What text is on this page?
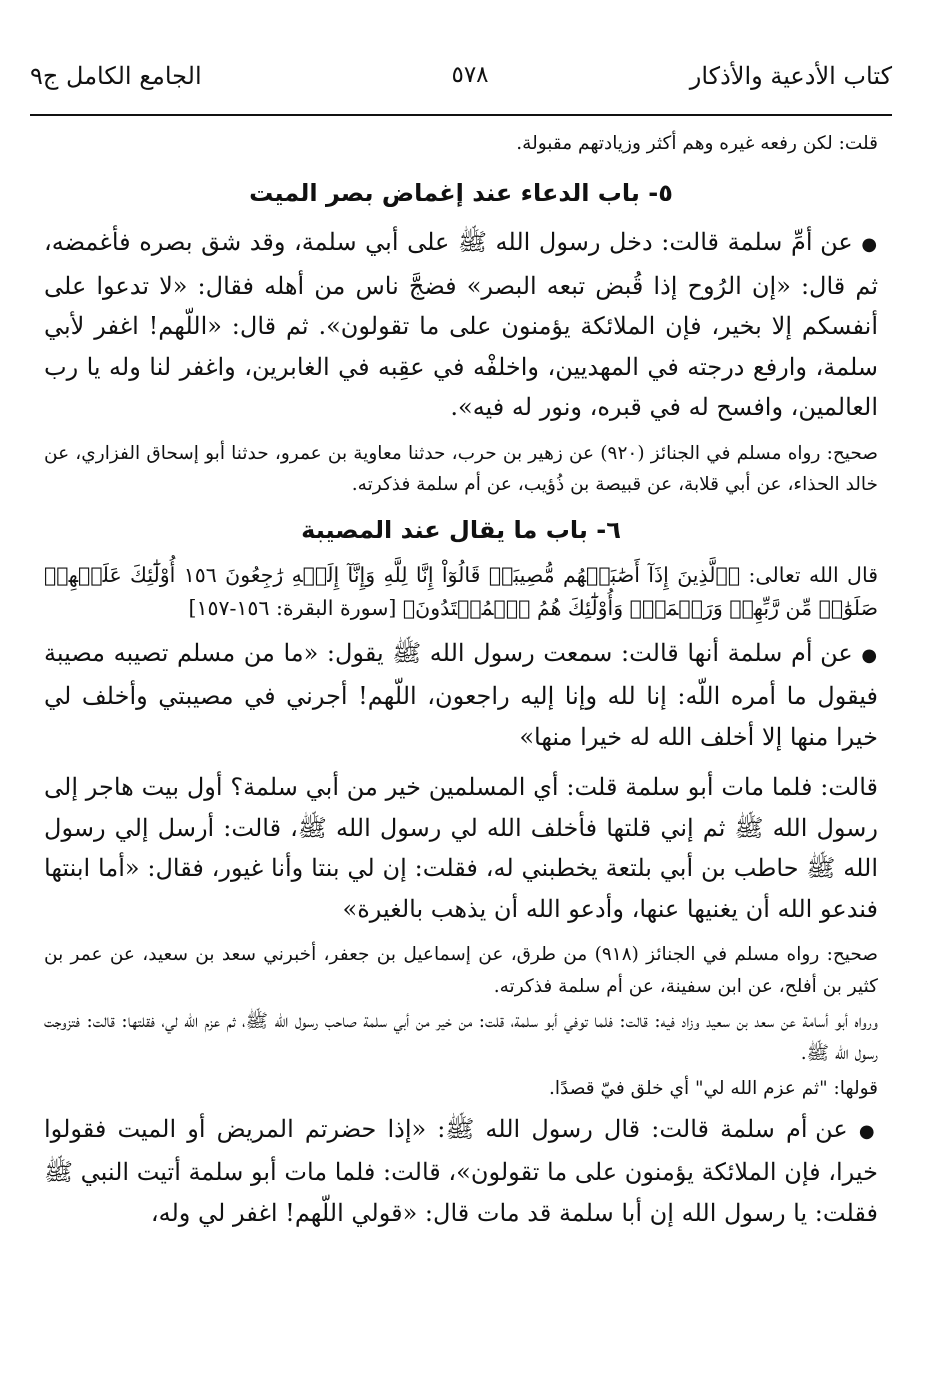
كتاب الأدعية والأذكار
٥٧٨
الجامع الكامل ج٩

قلت: لكن رفعه غيره وهم أكثر وزيادتهم مقبولة.

٥- باب الدعاء عند إغماض بصر الميت

● عن أمِّ سلمة قالت: دخل رسول الله ﷺ على أبي سلمة، وقد شق بصره فأغمضه، ثم قال: «إن الرُوح إذا قُبض تبعه البصر» فضجَّ ناس من أهله فقال: «لا تدعوا على أنفسكم إلا بخير، فإن الملائكة يؤمنون على ما تقولون». ثم قال: «اللّهم! اغفر لأبي سلمة، وارفع درجته في المهديين، واخلفْه في عقِبه في الغابرين، واغفر لنا وله يا رب العالمين، وافسح له في قبره، ونور له فيه».

صحيح: رواه مسلم في الجنائز (٩٢٠) عن زهير بن حرب، حدثنا معاوية بن عمرو، حدثنا أبو إسحاق الفزاري، عن خالد الحذاء، عن أبي قلابة، عن قبيصة بن ذُؤيب، عن أم سلمة فذكرته.

٦- باب ما يقال عند المصيبة

قال الله تعالى: ﴿ٱلَّذِينَ إِذَآ أَصَٰبَتۡهُم مُّصِيبَةٞ قَالُوٓاْ إِنَّا لِلَّهِ وَإِنَّآ إِلَيۡهِ رَٰجِعُونَ ١٥٦ أُوْلَٰٓئِكَ عَلَيۡهِمۡ صَلَوَٰتٞ مِّن رَّبِّهِمۡ وَرَحۡمَةٞۖ وَأُوْلَٰٓئِكَ هُمُ ٱلۡمُهۡتَدُونَ﴾ [سورة البقرة: ١٥٦-١٥٧]

● عن أم سلمة أنها قالت: سمعت رسول الله ﷺ يقول: «ما من مسلم تصيبه مصيبة فيقول ما أمره اللّه: إنا لله وإنا إليه راجعون، اللّهم! أجرني في مصيبتي وأخلف لي خيرا منها إلا أخلف الله له خيرا منها»

قالت: فلما مات أبو سلمة قلت: أي المسلمين خير من أبي سلمة؟ أول بيت هاجر إلى رسول الله ﷺ ثم إني قلتها فأخلف الله لي رسول الله ﷺ، قالت: أرسل إلي رسول الله ﷺ حاطب بن أبي بلتعة يخطبني له، فقلت: إن لي بنتا وأنا غيور، فقال: «أما ابنتها فندعو الله أن يغنيها عنها، وأدعو الله أن يذهب بالغيرة»

صحيح: رواه مسلم في الجنائز (٩١٨) من طرق، عن إسماعيل بن جعفر، أخبرني سعد بن سعيد، عن عمر بن كثير بن أفلح، عن ابن سفينة، عن أم سلمة فذكرته.

ورواه أبو أسامة عن سعد بن سعيد وزاد فيه: قالت: فلما توفي أبو سلمة، قلت: من خير من أبي سلمة صاحب رسول الله ﷺ، ثم عزم الله لي، فقلتها: قالت: فتزوجت رسول الله ﷺ.

قولها: "ثم عزم الله لي" أي خلق فيّ قصدًا.

● عن أم سلمة قالت: قال رسول الله ﷺ: «إذا حضرتم المريض أو الميت فقولوا خيرا، فإن الملائكة يؤمنون على ما تقولون»، قالت: فلما مات أبو سلمة أتيت النبي ﷺ فقلت: يا رسول الله إن أبا سلمة قد مات قال: «قولي اللّهم! اغفر لي وله،
